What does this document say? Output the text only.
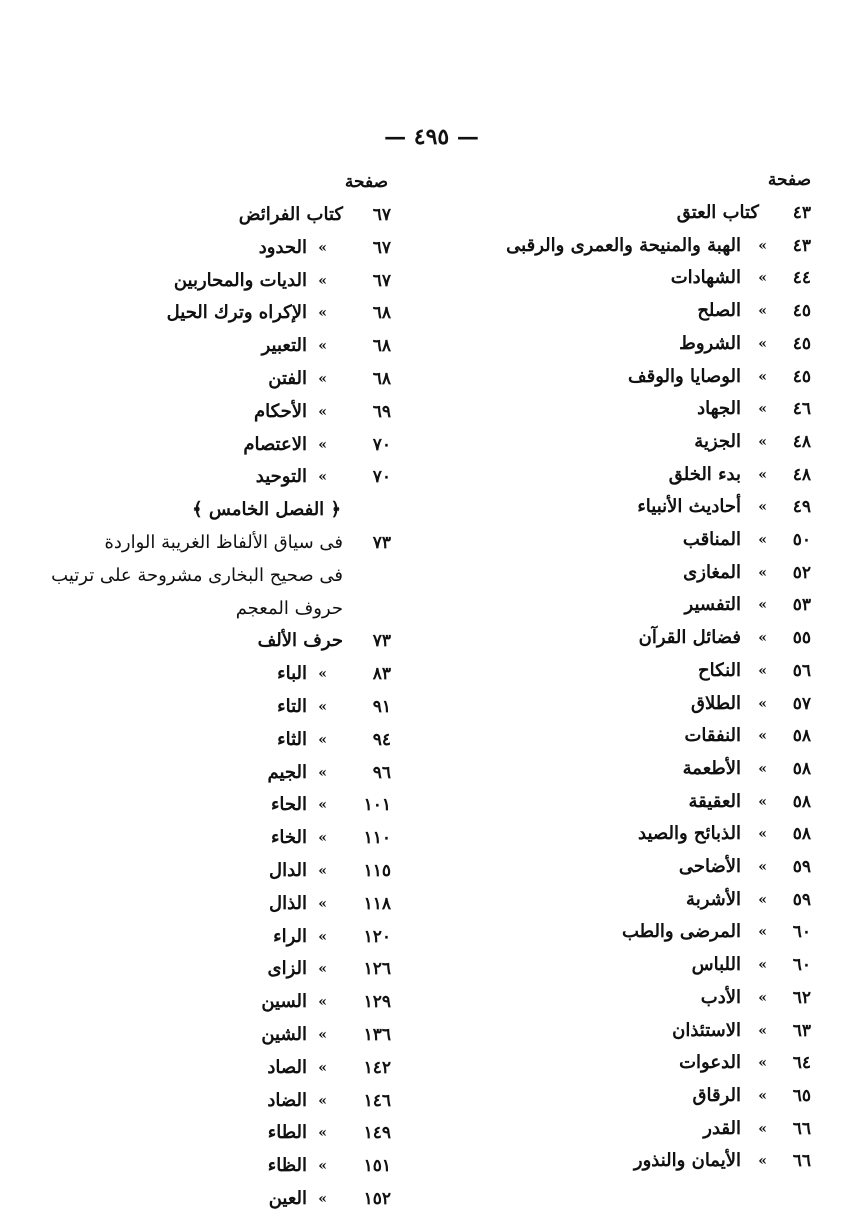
— ٤٩٥ —
صفحة
٤٣
كتاب العتق
٤٣
»
الهبة والمنيحة والعمرى والرقبى
٤٤
»
الشهادات
٤٥
»
الصلح
٤٥
»
الشروط
٤٥
»
الوصايا والوقف
٤٦
»
الجهاد
٤٨
»
الجزية
٤٨
»
بدء الخلق
٤٩
»
أحاديث الأنبياء
٥٠
»
المناقب
٥٢
»
المغازى
٥٣
»
التفسير
٥٥
»
فضائل القرآن
٥٦
»
النكاح
٥٧
»
الطلاق
٥٨
»
النفقات
٥٨
»
الأطعمة
٥٨
»
العقيقة
٥٨
»
الذبائح والصيد
٥٩
»
الأضاحى
٥٩
»
الأشربة
٦٠
»
المرضى والطب
٦٠
»
اللباس
٦٢
»
الأدب
٦٣
»
الاستئذان
٦٤
»
الدعوات
٦٥
»
الرقاق
٦٦
»
القدر
٦٦
»
الأيمان والنذور
صفحة
٦٧
كتاب الفرائض
٦٧
»
الحدود
٦٧
»
الديات والمحاربين
٦٨
»
الإكراه وترك الحيل
٦٨
»
التعبير
٦٨
»
الفتن
٦٩
»
الأحكام
٧٠
»
الاعتصام
٧٠
»
التوحيد
﴿ الفصل الخامس ﴾
٧٣
فى سياق الألفاظ الغريبة الواردة
فى صحيح البخارى مشروحة على ترتيب
حروف المعجم
٧٣
حرف الألف
٨٣
»
الباء
٩١
»
التاء
٩٤
»
الثاء
٩٦
»
الجيم
١٠١
»
الحاء
١١٠
»
الخاء
١١٥
»
الدال
١١٨
»
الذال
١٢٠
»
الراء
١٢٦
»
الزاى
١٢٩
»
السين
١٣٦
»
الشين
١٤٢
»
الصاد
١٤٦
»
الضاد
١٤٩
»
الطاء
١٥١
»
الظاء
١٥٢
»
العين
